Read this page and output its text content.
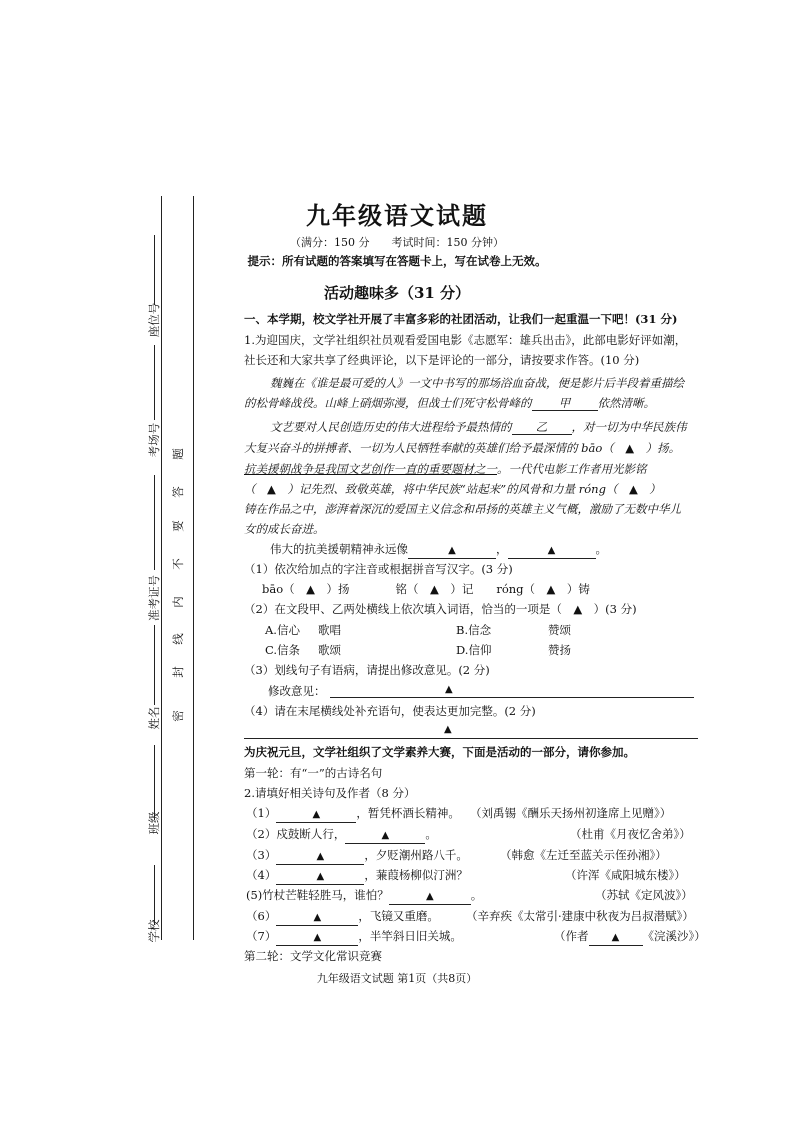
座位号
考场号
准考证号
姓名
班级
学校
密
封
线
内
不
要
答
题
九年级语文试题
（满分：150 分　　考试时间：150 分钟）
提示：所有试题的答案填写在答题卡上，写在试卷上无效。
活动趣味多（31 分）
一、本学期，校文学社开展了丰富多彩的社团活动，让我们一起重温一下吧！(31 分)
1.为迎国庆，文学社组织社员观看爱国电影《志愿军：雄兵出击》，此部电影好评如潮，
社长还和大家共享了经典评论，以下是评论的一部分，请按要求作答。(10 分)
魏巍在《谁是最可爱的人》一文中书写的那场浴血奋战，便是影片后半段着重描绘
的松骨峰战役。山峰上硝烟弥漫，但战士们死守松骨峰的 甲 依然清晰。
文艺要对人民创造历史的伟大进程给予最热情的 乙 ，对一切为中华民族伟
大复兴奋斗的拼搏者、一切为人民牺牲奉献的英雄们给予最深情的 bāo（　▲　）扬。
抗美援朝战争是我国文艺创作一直的重要题材之一。一代代电影工作者用光影铭
（　▲　）记先烈、致敬英雄，将中华民族“站起来”的风骨和力量 róng（　▲　）
铸在作品之中，澎湃着深沉的爱国主义信念和昂扬的英雄主义气概，激励了无数中华儿
女的成长奋进。
伟大的抗美援朝精神永远像	▲	，	▲	。
（1）依次给加点的字注音或根据拼音写汉字。(3 分)
bāo（　▲　）扬　　　　铭（　▲　）记　　róng（　▲　）铸
（2）在文段甲、乙两处横线上依次填入词语，恰当的一项是（　▲　）(3 分)
A.信心 歌唱	B.信念	赞颂
C.信条 歌颂	D.信仰	赞扬
（3）划线句子有语病，请提出修改意见。(2 分)
修改意见：	▲
（4）请在末尾横线处补充语句，使表达更加完整。(2 分)
▲
为庆祝元旦，文学社组织了文学素养大赛，下面是活动的一部分，请你参加。
第一轮：有“一”的古诗名句
2.请填好相关诗句及作者（8 分）
（1）	▲	，暂凭杯酒长精神。 （刘禹锡《酬乐天扬州初逢席上见赠》）
（2）戍鼓断人行，	▲	。	（杜甫《月夜忆舍弟》）
（3）	▲	，夕贬潮州路八千。	（韩愈《左迁至蓝关示侄孙湘》）
（4）	▲	，蒹葭杨柳似汀洲？	（许浑《咸阳城东楼》）
(5)竹杖芒鞋轻胜马，谁怕？	▲	。	（苏轼《定风波》）
（6）	▲	，飞镜又重磨。 （辛弃疾《太常引·建康中秋夜为吕叔潜赋》）
（7）	▲	，半竿斜日旧关城。	（作者 ▲ 《浣溪沙》）
第二轮：文学文化常识竞赛
九年级语文试题 第1页（共8页）
